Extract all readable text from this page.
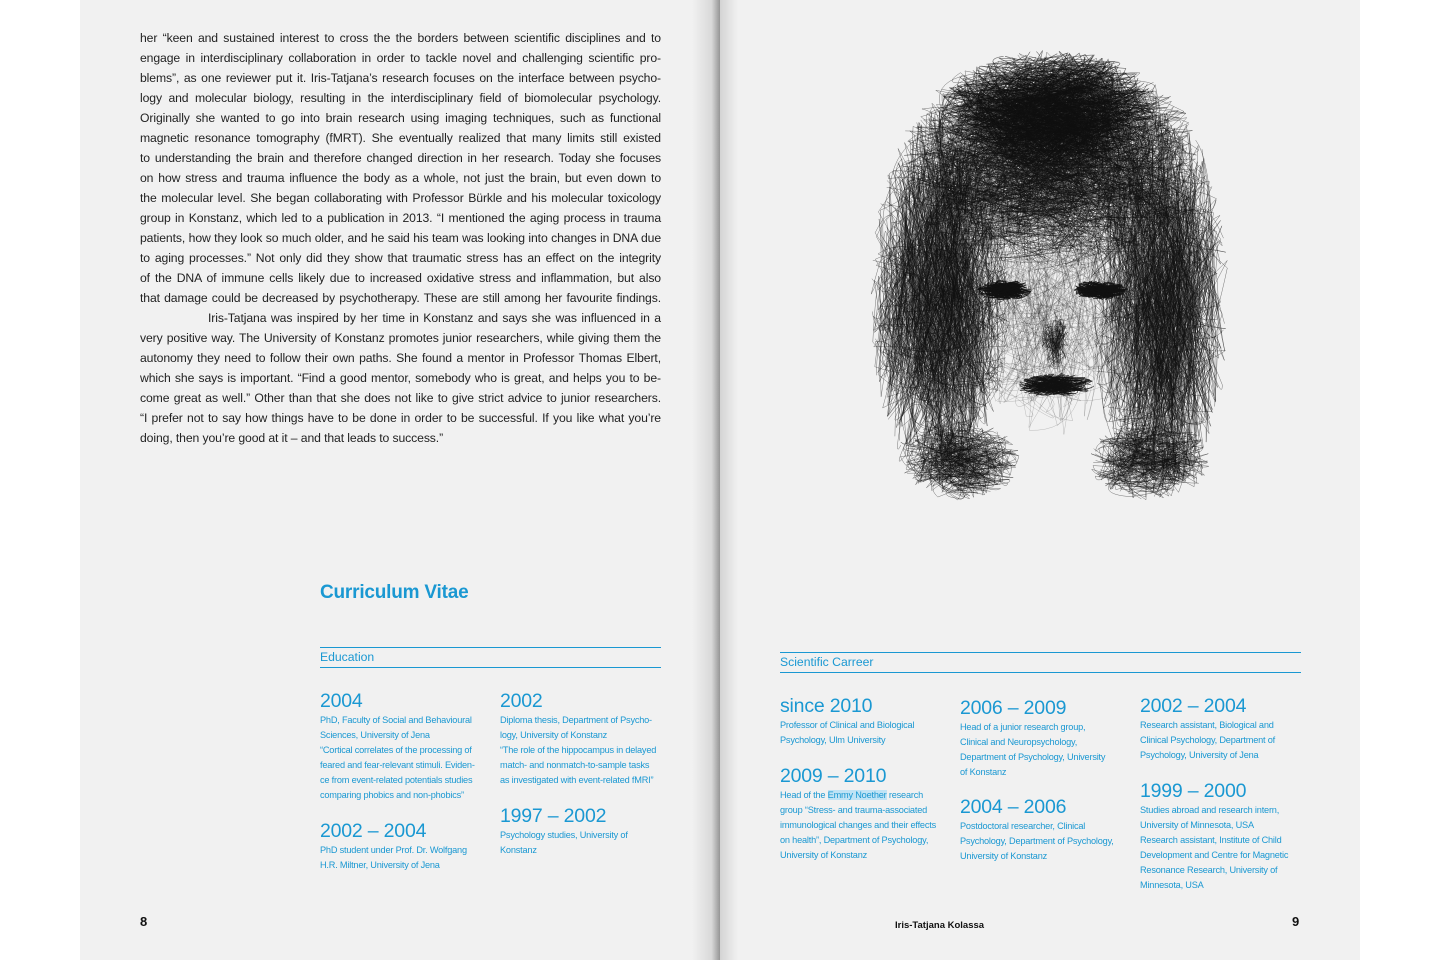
her “keen and sustained interest to cross the the borders between scientific disciplines and to
engage in interdisciplinary collaboration in order to tackle novel and challenging scientific pro-
blems”, as one reviewer put it. Iris-Tatjana’s research focuses on the interface between psycho-
logy and molecular biology, resulting in the interdisciplinary field of biomolecular psychology.
Originally she wanted to go into brain research using imaging techniques, such as functional
magnetic resonance tomography (fMRT). She eventually realized that many limits still existed
to understanding the brain and therefore changed direction in her research. Today she focuses
on how stress and trauma influence the body as a whole, not just the brain, but even down to
the molecular level. She began collaborating with Professor Bürkle and his molecular toxicology
group in Konstanz, which led to a publication in 2013. “I mentioned the aging process in trauma
patients, how they look so much older, and he said his team was looking into changes in DNA due
to aging processes.” Not only did they show that traumatic stress has an effect on the integrity
of the DNA of immune cells likely due to increased oxidative stress and inflammation, but also
that damage could be decreased by psychotherapy. These are still among her favourite findings.
Iris-Tatjana was inspired by her time in Konstanz and says she was influenced in a
very positive way. The University of Konstanz promotes junior researchers, while giving them the
autonomy they need to follow their own paths. She found a mentor in Professor Thomas Elbert,
which she says is important. “Find a good mentor, somebody who is great, and helps you to be-
come great as well.” Other than that she does not like to give strict advice to junior researchers.
“I prefer not to say how things have to be done in order to be successful. If you like what you’re
doing, then you’re good at it – and that leads to success.”
Curriculum Vitae
Education
2004
PhD, Faculty of Social and Behavioural
Sciences, University of Jena
“Cortical correlates of the processing of
feared and fear-relevant stimuli. Eviden-
ce from event-related potentials studies
comparing phobics and non-phobics”
2002
Diploma thesis, Department of Psycho-
logy, University of Konstanz
“The role of the hippocampus in delayed
match- and nonmatch-to-sample tasks
as investigated with event-related fMRI”
2002 – 2004
PhD student under Prof. Dr. Wolfgang
H.R. Miltner, University of Jena
1997 – 2002
Psychology studies, University of
Konstanz
8
Scientific Carreer
since 2010
Professor of Clinical and Biological
Psychology, Ulm University
2009 – 2010
Head of the Emmy Noether research
group “Stress- and trauma-associated
immunological changes and their effects
on health”, Department of Psychology,
University of Konstanz
2006 – 2009
Head of a junior research group,
Clinical and Neuropsychology,
Department of Psychology, University
of Konstanz
2004 – 2006
Postdoctoral researcher, Clinical
Psychology, Department of Psychology,
University of Konstanz
2002 – 2004
Research assistant, Biological and
Clinical Psychology, Department of
Psychology, University of Jena
1999 – 2000
Studies abroad and research intern,
University of Minnesota, USA
Research assistant, Institute of Child
Development and Centre for Magnetic
Resonance Research, University of
Minnesota, USA
Iris-Tatjana Kolassa	9
